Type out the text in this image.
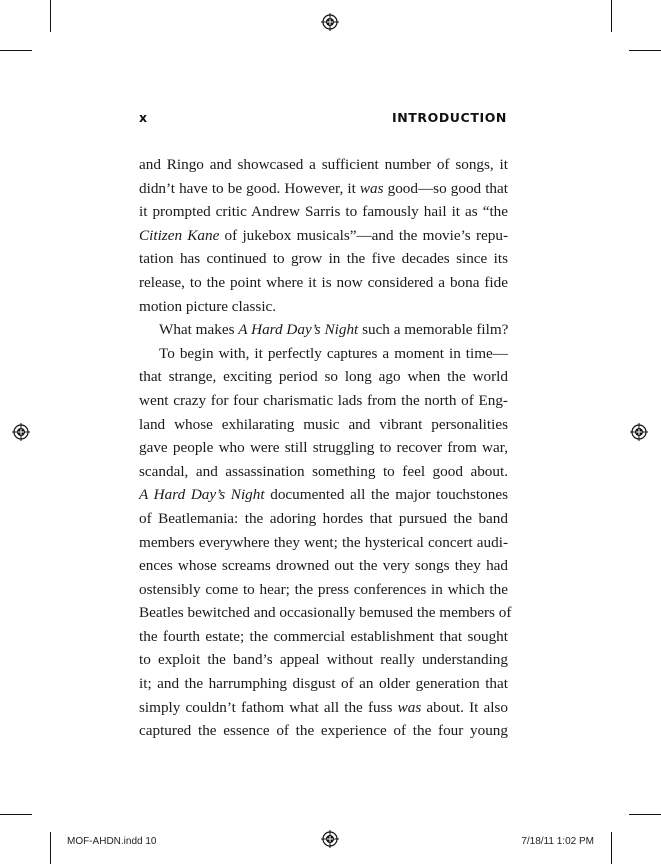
x	INTRODUCTION
and Ringo and showcased a sufficient number of songs, it
didn’t have to be good. However, it was good—so good that
it prompted critic Andrew Sarris to famously hail it as “the
Citizen Kane of jukebox musicals”—and the movie’s repu-
tation has continued to grow in the five decades since its
release, to the point where it is now considered a bona fide
motion picture classic.
What makes A Hard Day’s Night such a memorable film?
To begin with, it perfectly captures a moment in time—
that strange, exciting period so long ago when the world
went crazy for four charismatic lads from the north of Eng-
land whose exhilarating music and vibrant personalities
gave people who were still struggling to recover from war,
scandal, and assassination something to feel good about.
A Hard Day’s Night documented all the major touchstones
of Beatlemania: the adoring hordes that pursued the band
members everywhere they went; the hysterical concert audi-
ences whose screams drowned out the very songs they had
ostensibly come to hear; the press conferences in which the
Beatles bewitched and occasionally bemused the members of
the fourth estate; the commercial establishment that sought
to exploit the band’s appeal without really understanding
it; and the harrumphing disgust of an older generation that
simply couldn’t fathom what all the fuss was about. It also
captured the essence of the experience of the four young
MOF-AHDN.indd 10	7/18/11 1:02 PM
